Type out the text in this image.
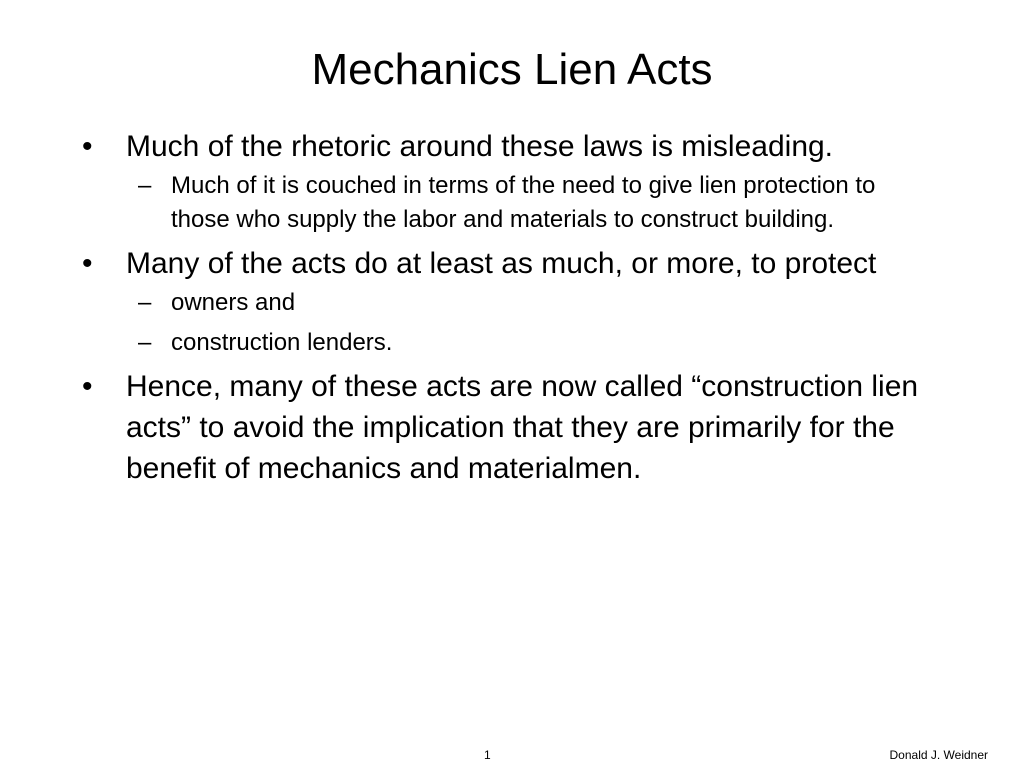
Mechanics Lien Acts
• Much of the rhetoric around these laws is misleading.
– Much of it is couched in terms of the need to give lien protection to those who supply the labor and materials to construct building.
• Many of the acts do at least as much, or more, to protect
– owners and
– construction lenders.
• Hence, many of these acts are now called “construction lien acts” to avoid the implication that they are primarily for the benefit of mechanics and materialmen.
1	Donald J. Weidner
